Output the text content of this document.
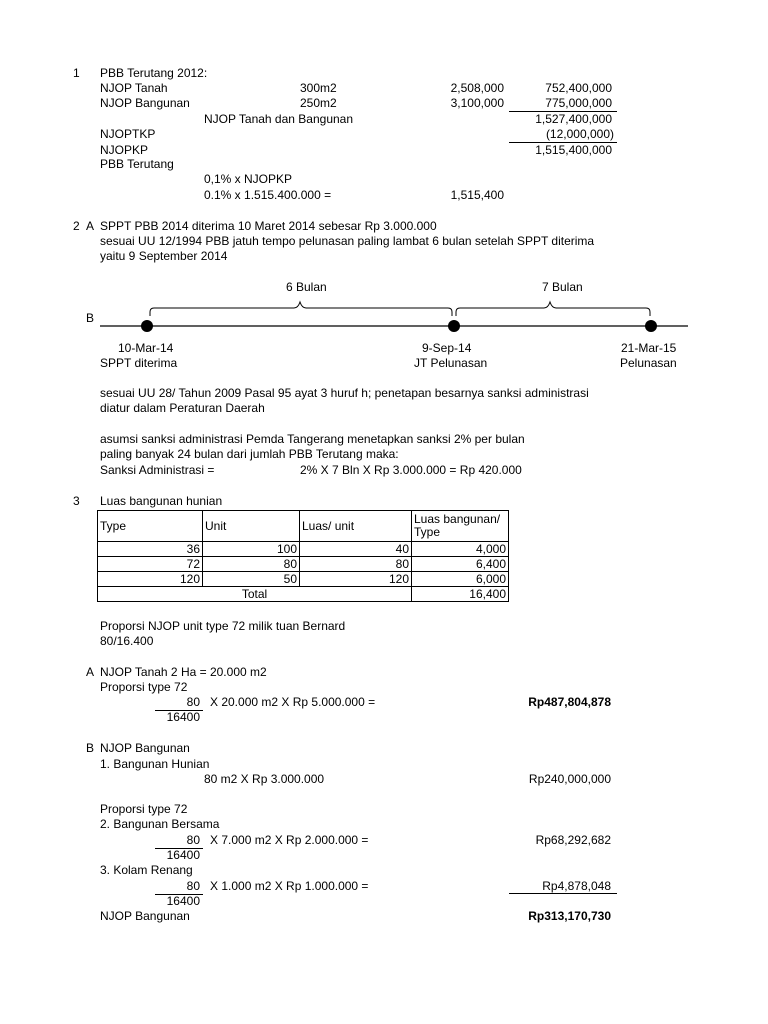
1 PBB Terutang 2012:
NJOP Tanah	300m2	2,508,000	752,400,000
NJOP Bangunan	250m2	3,100,000	775,000,000
NJOP Tanah dan Bangunan	1,527,400,000
NJOPTKP	(12,000,000)
NJOPKP	1,515,400,000
PBB Terutang
0,1% x NJOPKP
0.1% x 1.515.400.000 =	1,515,400
2 A SPPT PBB 2014 diterima 10 Maret 2014 sebesar Rp 3.000.000
sesuai UU 12/1994 PBB jatuh tempo pelunasan paling lambat 6 bulan setelah SPPT diterima
yaitu 9 September 2014
6 Bulan	7 Bulan
B
10-Mar-14
SPPT diterima
9-Sep-14
JT Pelunasan
21-Mar-15
Pelunasan
sesuai UU 28/ Tahun 2009 Pasal 95 ayat 3 huruf h; penetapan besarnya sanksi administrasi
diatur dalam Peraturan Daerah
asumsi sanksi administrasi Pemda Tangerang menetapkan sanksi 2% per bulan
paling banyak 24 bulan dari jumlah PBB Terutang maka:
Sanksi Administrasi =	2% X 7 Bln X Rp 3.000.000 = Rp 420.000
3 Luas bangunan hunian
Type	Unit	Luas/ unit	Luas bangunan/ Type
36	100	40	4,000
72	80	80	6,400
120	50	120	6,000
Total			16,400
Proporsi NJOP unit type 72 milik tuan Bernard
80/16.400
A NJOP Tanah 2 Ha = 20.000 m2
Proporsi type 72
80
16400
X 20.000 m2 X Rp 5.000.000 =	Rp487,804,878
B NJOP Bangunan
1. Bangunan Hunian
80 m2 X Rp 3.000.000	Rp240,000,000
Proporsi type 72
2. Bangunan Bersama
80
16400
X 7.000 m2 X Rp 2.000.000 =	Rp68,292,682
3. Kolam Renang
80
16400
X 1.000 m2 X Rp 1.000.000 =	Rp4,878,048
NJOP Bangunan	Rp313,170,730
